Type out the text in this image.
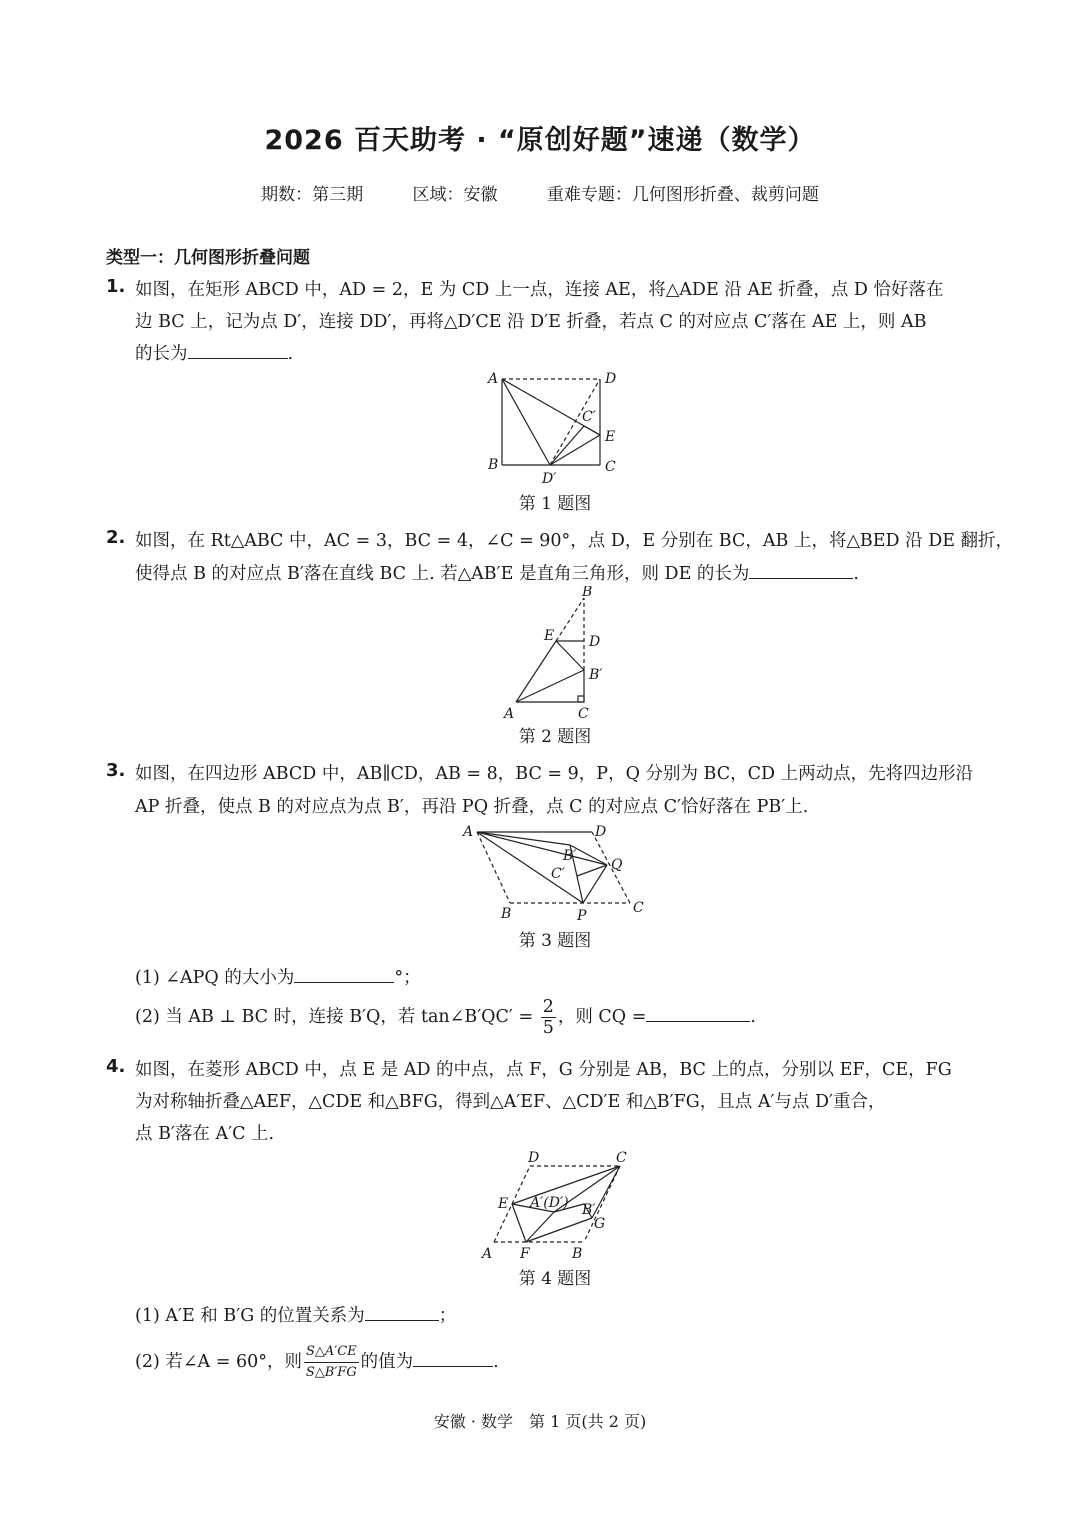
2026 百天助考 · “原创好题”速递（数学）
期数：第三期	区域：安徽	重难专题：几何图形折叠、裁剪问题
类型一：几何图形折叠问题
1. 如图，在矩形 ABCD 中，AD = 2，E 为 CD 上一点，连接 AE，将△ADE 沿 AE 折叠，点 D 恰好落在
边 BC 上，记为点 D′，连接 DD′，再将△D′CE 沿 D′E 折叠，若点 C 的对应点 C′落在 AE 上，则 AB
的长为	.
A	D
C′
E
B
D′
C
第 1 题图
2. 如图，在 Rt△ABC 中，AC = 3，BC = 4，∠C = 90°，点 D，E 分别在 BC，AB 上，将△BED 沿 DE 翻折，
使得点 B 的对应点 B′落在直线 BC 上. 若△AB′E 是直角三角形，则 DE 的长为	.
B
E D
B′
A	C
第 2 题图
3. 如图，在四边形 ABCD 中，AB∥CD，AB = 8，BC = 9，P，Q 分别为 BC，CD 上两动点，先将四边形沿
AP 折叠，使点 B 的对应点为点 B′，再沿 PQ 折叠，点 C 的对应点 C′恰好落在 PB′上.
A	D
B′
Q
C′
B	P	C
第 3 题图
(1) ∠APQ 的大小为	°；
(2) 当 AB ⊥ BC 时，连接 B′Q，若 tan∠B′QC′ = $\frac{2}{5}$ ，则 CQ =	.
4. 如图，在菱形 ABCD 中，点 E 是 AD 的中点，点 F，G 分别是 AB，BC 上的点，分别以 EF，CE，FG
为对称轴折叠△AEF，△CDE 和△BFG，得到△A′EF、△CD′E 和△B′FG，且点 A′与点 D′重合，
点 B′落在 A′C 上.
D	C
E A′(D′) B′
G
A F	B
第 4 题图
(1) A′E 和 B′G 的位置关系为	；
(2) 若∠A = 60°，则 $\frac{S\triangle A'CE}{S\triangle B'FG}$ 的值为	.
安徽 · 数学　第 1 页(共 2 页)
